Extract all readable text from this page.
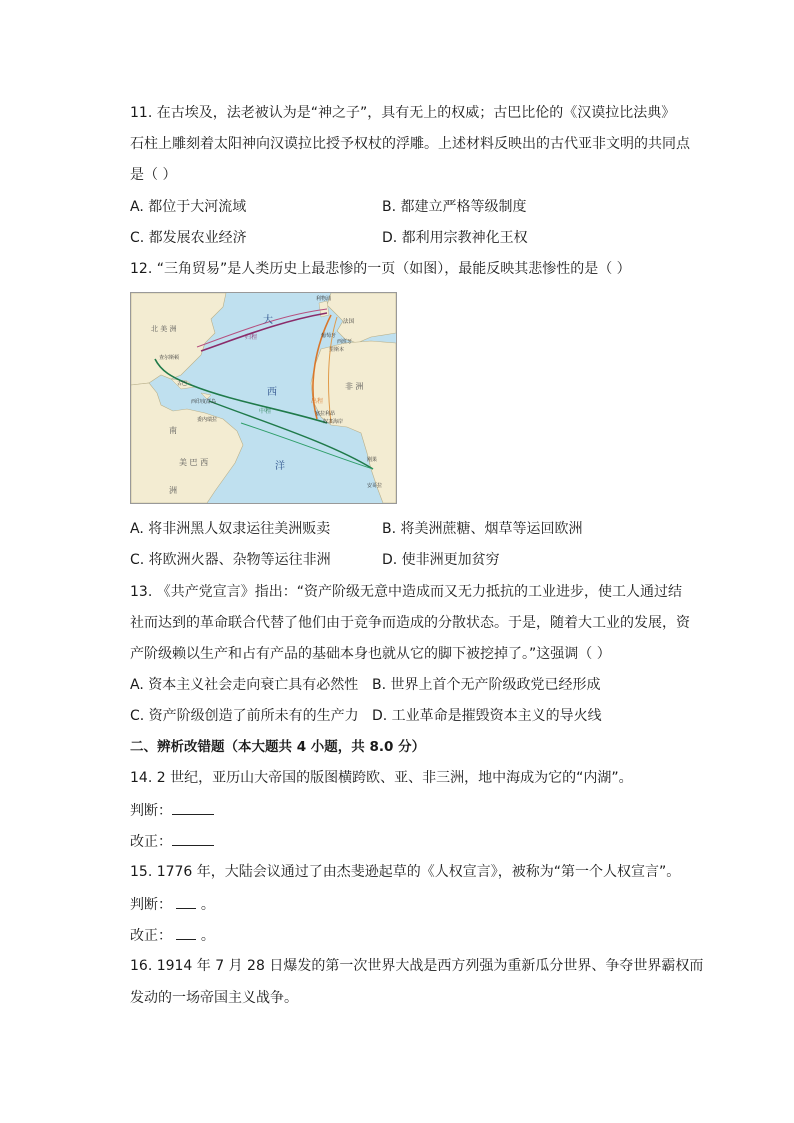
11. 在古埃及，法老被认为是“神之子”，具有无上的权威；古巴比伦的《汉谟拉比法典》
石柱上雕刻着太阳神向汉谟拉比授予权杖的浮雕。上述材料反映出的古代亚非文明的共同点
是（ ）
A. 都位于大河流域	B. 都建立严格等级制度
C. 都发展农业经济	D. 都利用宗教神化王权
12. “三角贸易”是人类历史上最悲惨的一页（如图），最能反映其悲惨性的是（ ）
北 美 洲
大
西
洋
非 洲
南
美 巴 西
洲
利物浦
法国
葡萄牙
西班牙
里斯本
查尔斯顿
古巴
西印度群岛
委内瑞拉
塞拉利昂
奴隶海岸
刚果
安哥拉
归程
中程
出程
A. 将非洲黑人奴隶运往美洲贩卖	B. 将美洲蔗糖、烟草等运回欧洲
C. 将欧洲火器、杂物等运往非洲	D. 使非洲更加贫穷
13. 《共产党宣言》指出：“资产阶级无意中造成而又无力抵抗的工业进步，使工人通过结
社而达到的革命联合代替了他们由于竞争而造成的分散状态。于是，随着大工业的发展，资
产阶级赖以生产和占有产品的基础本身也就从它的脚下被挖掉了。”这强调（ ）
A. 资本主义社会走向衰亡具有必然性 B. 世界上首个无产阶级政党已经形成
C. 资产阶级创造了前所未有的生产力 D. 工业革命是摧毁资本主义的导火线
二、辨析改错题（本大题共 4 小题，共 8.0 分）
14. 2 世纪，亚历山大帝国的版图横跨欧、亚、非三洲，地中海成为它的“内湖”。
判断：
改正：
15. 1776 年，大陆会议通过了由杰斐逊起草的《人权宣言》，被称为“第一个人权宣言”。
判断： 。
改正： 。
16. 1914 年 7 月 28 日爆发的第一次世界大战是西方列强为重新瓜分世界、争夺世界霸权而
发动的一场帝国主义战争。
